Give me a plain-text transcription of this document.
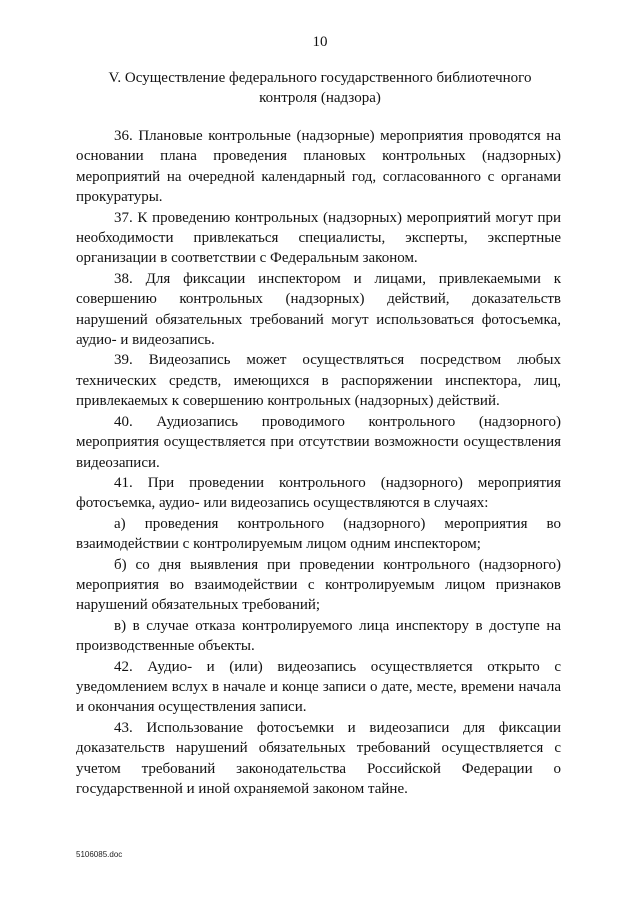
10
V. Осуществление федерального государственного библиотечного контроля (надзора)

36. Плановые контрольные (надзорные) мероприятия проводятся на основании плана проведения плановых контрольных (надзорных) мероприятий на очередной календарный год, согласованного с органами прокуратуры.

37. К проведению контрольных (надзорных) мероприятий могут при необходимости привлекаться специалисты, эксперты, экспертные организации в соответствии с Федеральным законом.

38. Для фиксации инспектором и лицами, привлекаемыми к совершению контрольных (надзорных) действий, доказательств нарушений обязательных требований могут использоваться фотосъемка, аудио- и видеозапись.

39. Видеозапись может осуществляться посредством любых технических средств, имеющихся в распоряжении инспектора, лиц, привлекаемых к совершению контрольных (надзорных) действий.

40. Аудиозапись проводимого контрольного (надзорного) мероприятия осуществляется при отсутствии возможности осуществления видеозаписи.

41. При проведении контрольного (надзорного) мероприятия фотосъемка, аудио- или видеозапись осуществляются в случаях:

а) проведения контрольного (надзорного) мероприятия во взаимодействии с контролируемым лицом одним инспектором;

б) со дня выявления при проведении контрольного (надзорного) мероприятия во взаимодействии с контролируемым лицом признаков нарушений обязательных требований;

в) в случае отказа контролируемого лица инспектору в доступе на производственные объекты.

42. Аудио- и (или) видеозапись осуществляется открыто с уведомлением вслух в начале и конце записи о дате, месте, времени начала и окончания осуществления записи.

43. Использование фотосъемки и видеозаписи для фиксации доказательств нарушений обязательных требований осуществляется с учетом требований законодательства Российской Федерации о государственной и иной охраняемой законом тайне.

5106085.doc
